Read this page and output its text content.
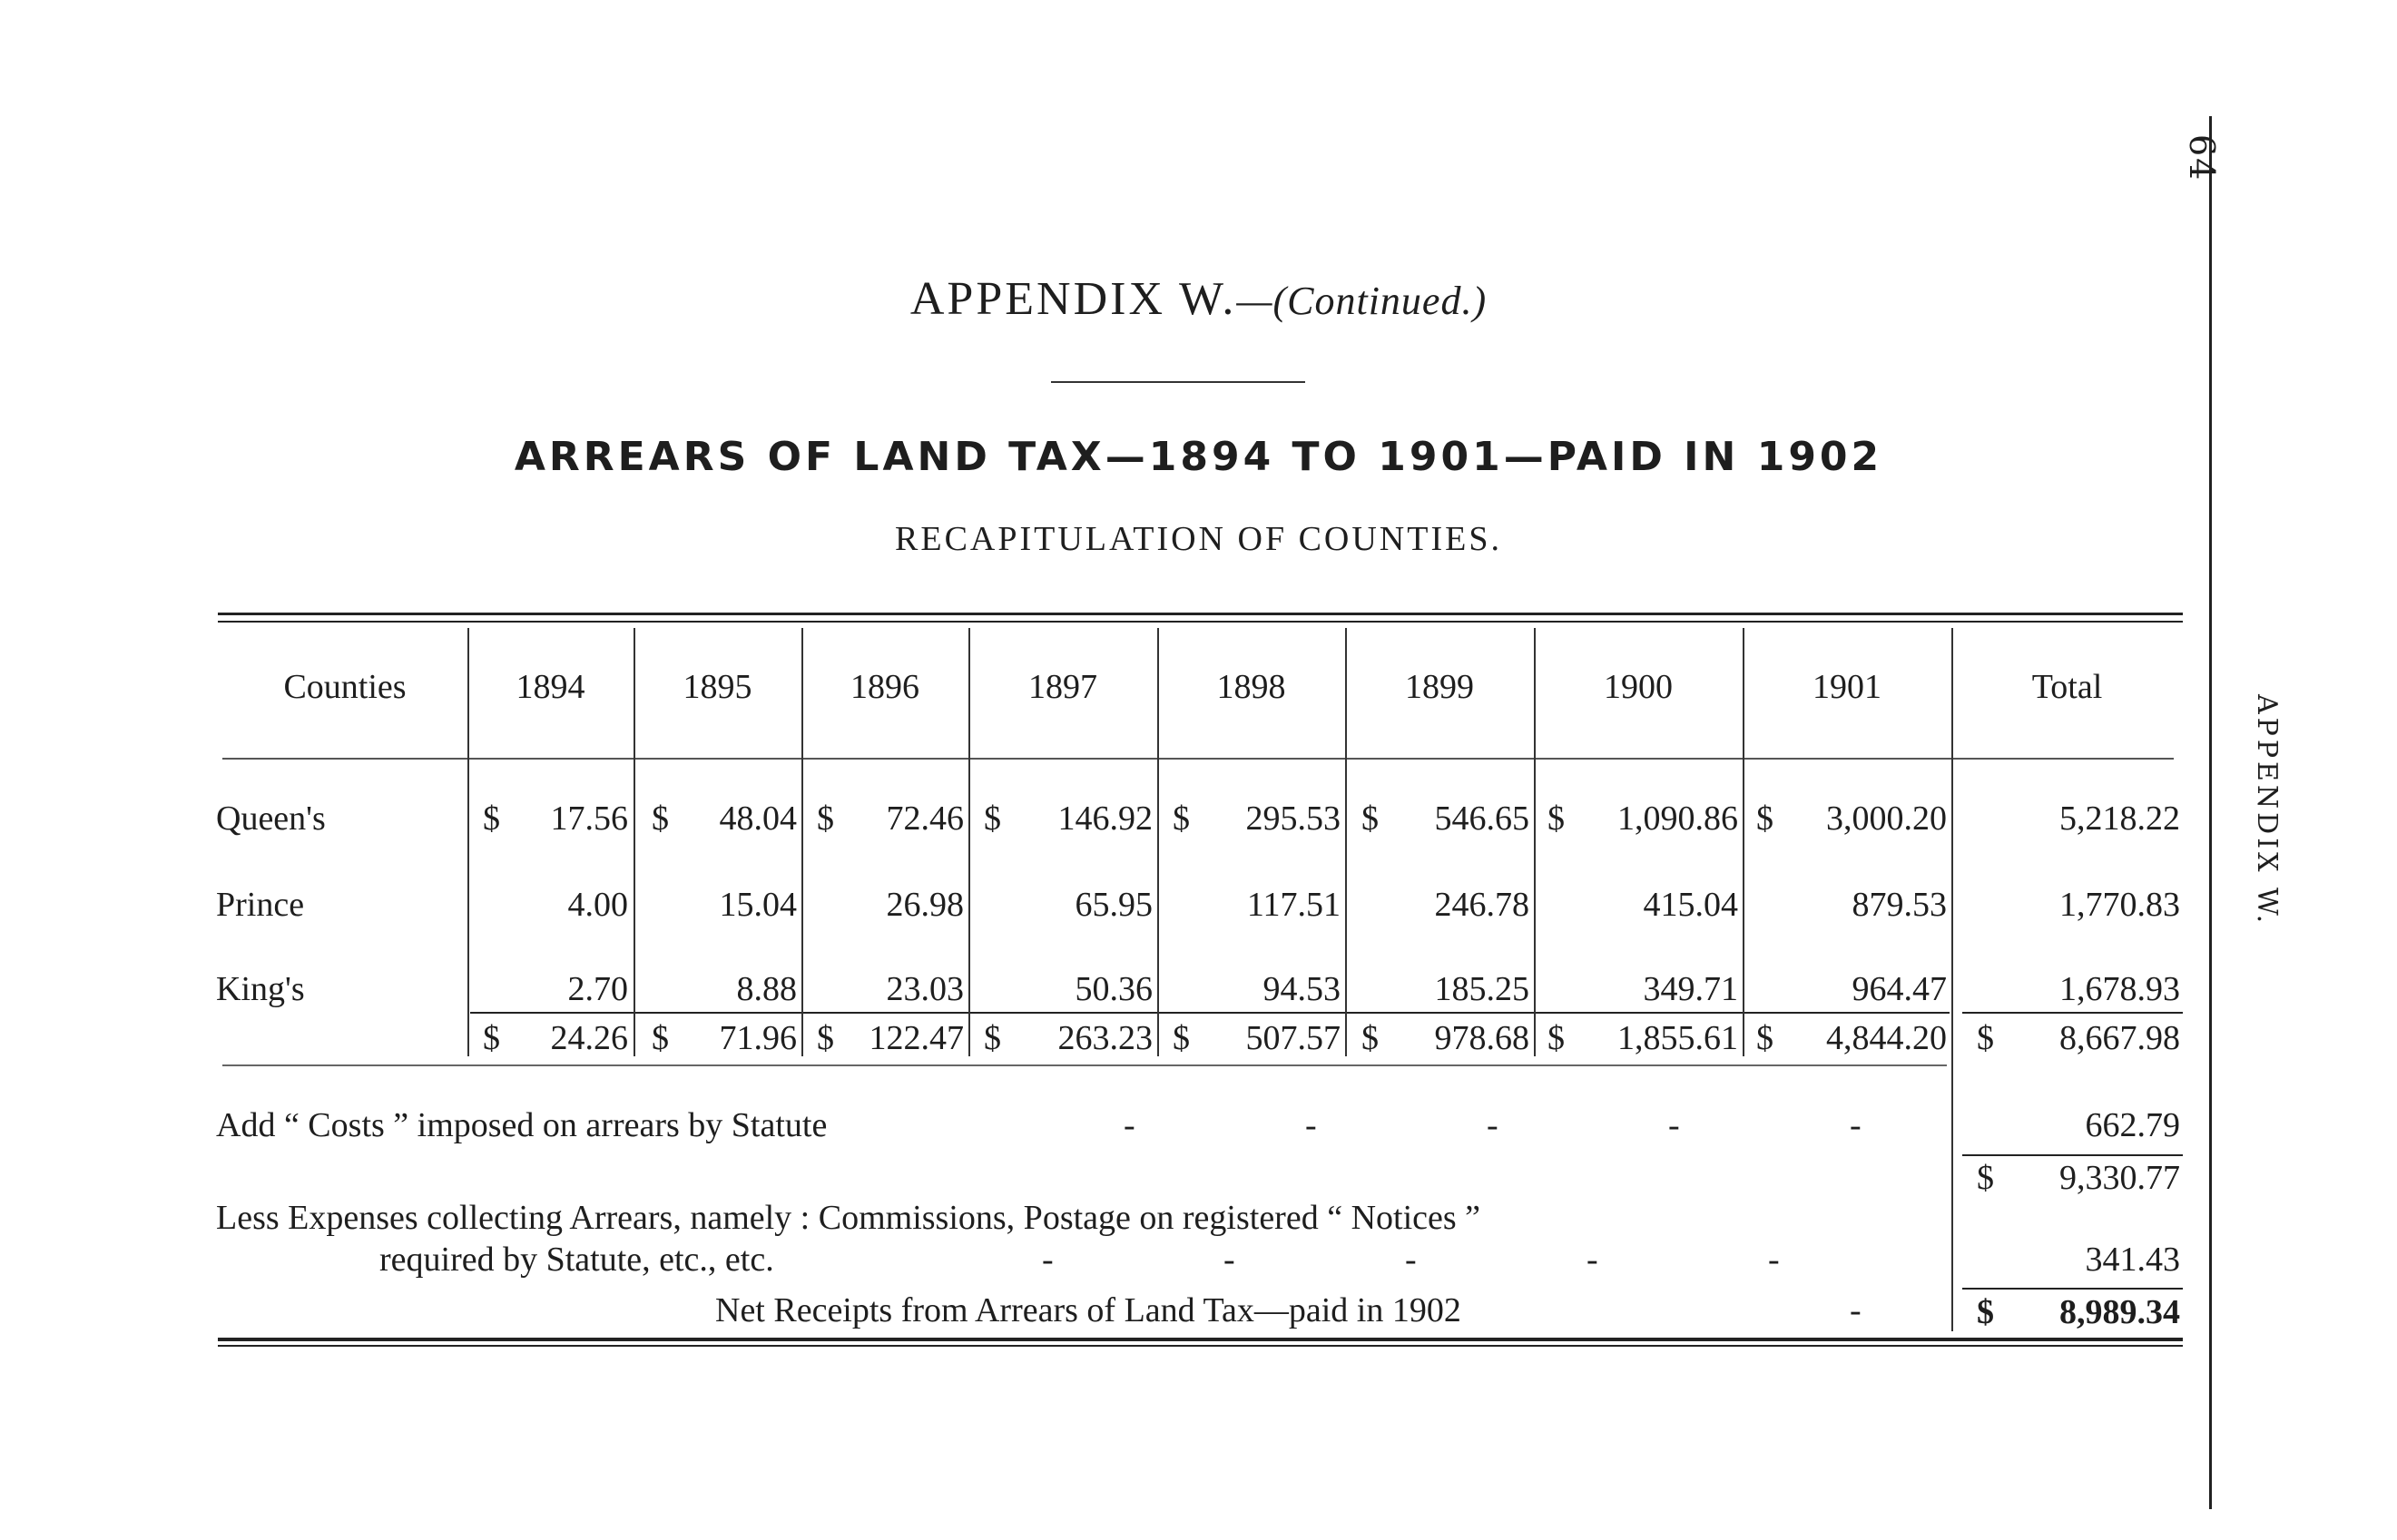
64
APPENDIX W.
APPENDIX W.—(Continued.)
ARREARS OF LAND TAX—1894 TO 1901—PAID IN 1902
RECAPITULATION OF COUNTIES.
Counties	1894	1895	1896	1897	1898	1899	1900	1901	Total
Queen's	$ 17.56 $ 48.04 $ 72.46 $ 146.92 $ 295.53 $ 546.65 $ 1,090.86 $ 3,000.20	5,218.22
Prince	4.00	15.04	26.98	65.95	117.51	246.78	415.04	879.53	1,770.83
King's	2.70	8.88	23.03	50.36	94.53	185.25	349.71	964.47	1,678.93
$ 24.26 $ 71.96 $ 122.47 $ 263.23 $ 507.57 $ 978.68 $ 1,855.61 $ 4,844.20 $ 8,667.98
Add “ Costs ” imposed on arrears by Statute	-	-	-	-	-	662.79
$ 9,330.77
Less Expenses collecting Arrears, namely : Commissions, Postage on registered “ Notices ”
required by Statute, etc., etc.	-	-	-	-	-	341.43
Net Receipts from Arrears of Land Tax—paid in 1902	-	$ 8,989.34
